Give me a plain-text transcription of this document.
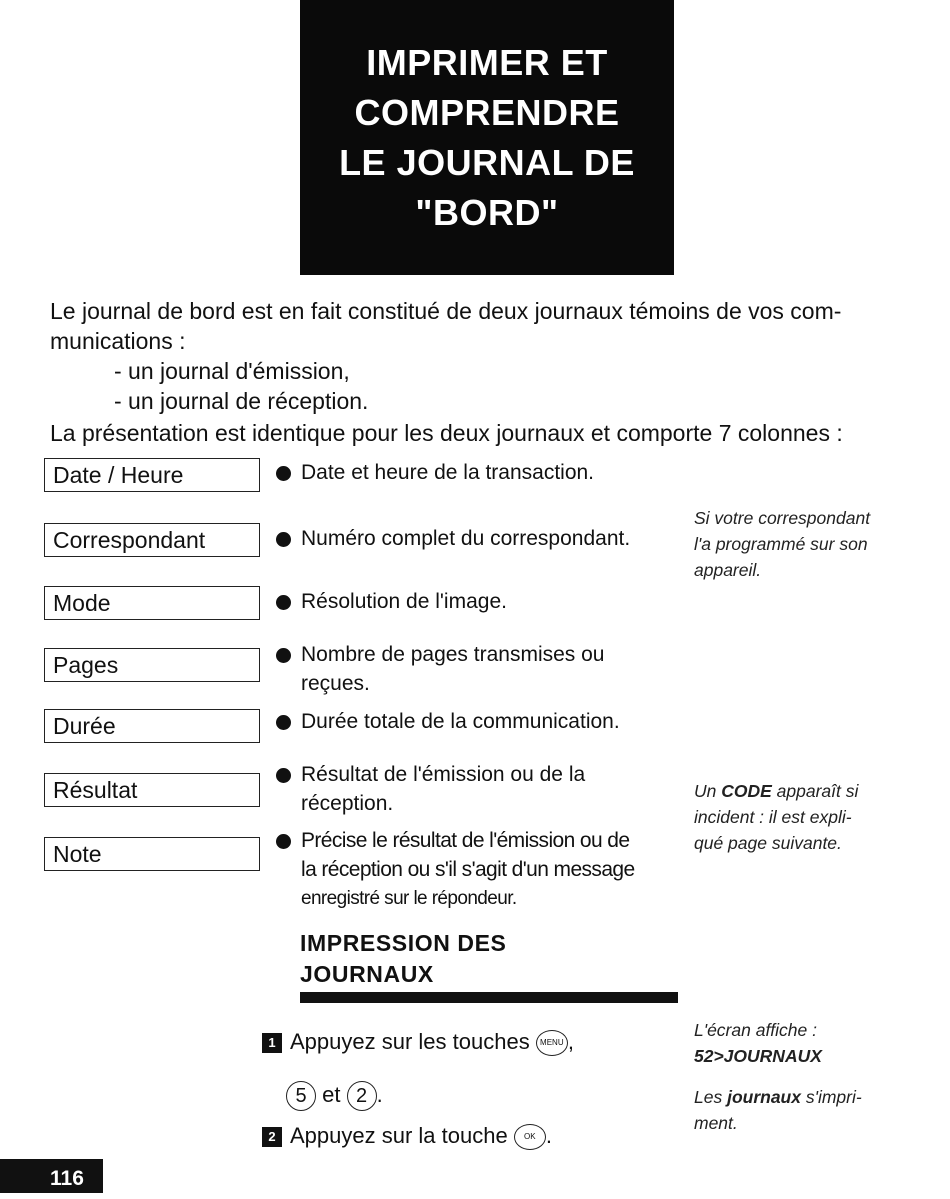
IMPRIMER ET
COMPRENDRE
LE JOURNAL DE
"BORD"
Le journal de bord est en fait constitué de deux journaux témoins de vos com-
munications :
- un journal d'émission,
- un journal de réception.
La présentation est identique pour les deux journaux et comporte 7 colonnes :
Date / Heure
Correspondant
Mode
Pages
Durée
Résultat
Note
Date et heure de la transaction.
Numéro complet du correspondant.
Résolution de l'image.
Nombre de pages transmises ou
reçues.
Durée totale de la communication.
Résultat de l'émission ou de la
réception.
Précise le résultat de l'émission ou de
la réception ou s'il s'agit d'un message
enregistré sur le répondeur.
Si votre correspondant
l'a programmé sur son
appareil.
Un CODE apparaît si
incident : il est expli-
qué page suivante.
L'écran affiche :
52>JOURNAUX
Les journaux s'impri-
ment.
IMPRESSION DES
JOURNAUX
1 Appuyez sur les touches MENU ,
5 et 2 .
2 Appuyez sur la touche OK .
116
